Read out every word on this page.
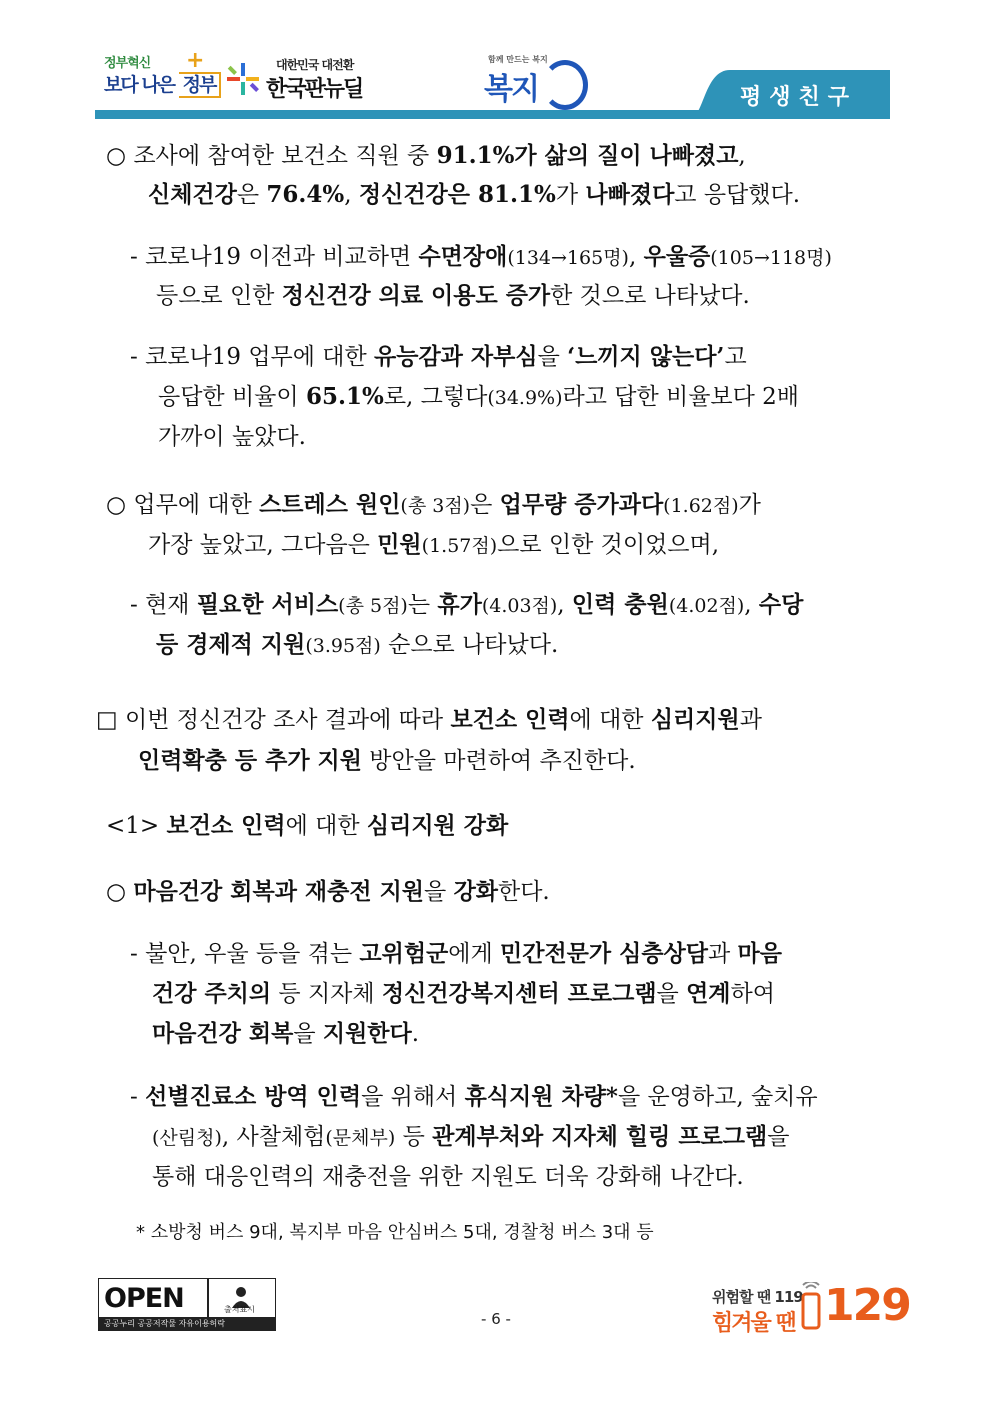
정부혁신
보다 나은 정부
+	대한민국 대전환
한국판뉴딜
함께 만드는 복지
복지	평생친구
○ 조사에 참여한 보건소 직원 중 91.1%가 삶의 질이 나빠졌고,
신체건강은 76.4%, 정신건강은 81.1%가 나빠졌다고 응답했다.
- 코로나19 이전과 비교하면 수면장애(134→165명), 우울증(105→118명)
등으로 인한 정신건강 의료 이용도 증가한 것으로 나타났다.
- 코로나19 업무에 대한 유능감과 자부심을 ‘느끼지 않는다’고
응답한 비율이 65.1%로, 그렇다(34.9%)라고 답한 비율보다 2배
가까이 높았다.
○ 업무에 대한 스트레스 원인(총 3점)은 업무량 증가과다(1.62점)가
가장 높았고, 그다음은 민원(1.57점)으로 인한 것이었으며,
- 현재 필요한 서비스(총 5점)는 휴가(4.03점), 인력 충원(4.02점), 수당
등 경제적 지원(3.95점) 순으로 나타났다.
□ 이번 정신건강 조사 결과에 따라 보건소 인력에 대한 심리지원과
인력확충 등 추가 지원 방안을 마련하여 추진한다.
<1> 보건소 인력에 대한 심리지원 강화
○ 마음건강 회복과 재충전 지원을 강화한다.
- 불안, 우울 등을 겪는 고위험군에게 민간전문가 심층상담과 마음
건강 주치의 등 지자체 정신건강복지센터 프로그램을 연계하여
마음건강 회복을 지원한다.
- 선별진료소 방역 인력을 위해서 휴식지원 차량*을 운영하고, 숲치유
(산림청), 사찰체험(문체부) 등 관계부처와 지자체 힐링 프로그램을
통해 대응인력의 재충전을 위한 지원도 더욱 강화해 나간다.
* 소방청 버스 9대, 복지부 마음 안심버스 5대, 경찰청 버스 3대 등
OPEN	출처표시
공공누리 공공저작물 자유이용허락	- 6 -
위험할 땐 119
힘겨울 땐 129
